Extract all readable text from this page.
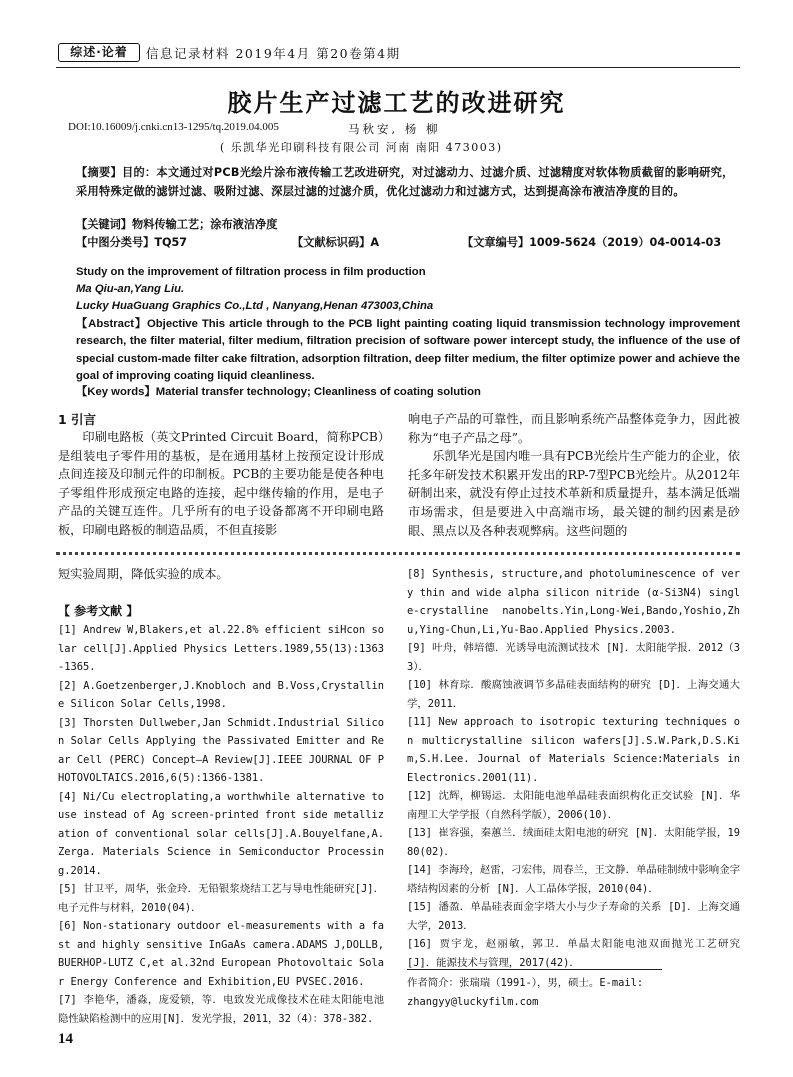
综述·论着	信息记录材料 2019年4月 第20卷第4期
胶片生产过滤工艺的改进研究
DOI:10.16009/j.cnki.cn13-1295/tq.2019.04.005	马秋安, 杨 柳
( 乐凯华光印刷科技有限公司 河南 南阳 473003)
【摘要】目的：本文通过对PCB光绘片涂布液传输工艺改进研究，对过滤动力、过滤介质、过滤精度对软体物质截留的影响研究，采用特殊定做的滤饼过滤、吸附过滤、深层过滤的过滤介质，优化过滤动力和过滤方式，达到提高涂布液洁净度的目的。
【关键词】物料传输工艺；涂布液洁净度
【中图分类号】TQ57	【文献标识码】A	【文章编号】1009-5624（2019）04-0014-03
Study on the improvement of filtration process in film production
Ma Qiu-an,Yang Liu.
Lucky HuaGuang Graphics Co.,Ltd , Nanyang,Henan 473003,China
【Abstract】Objective This article through to the PCB light painting coating liquid transmission technology improvement research, the filter material, filter medium, filtration precision of software power intercept study, the influence of the use of special custom-made filter cake filtration, adsorption filtration, deep filter medium, the filter optimize power and achieve the goal of improving coating liquid cleanliness.
【Key words】Material transfer technology; Cleanliness of coating solution
1 引言

印刷电路板（英文Printed Circuit Board，简称PCB）是组装电子零件用的基板，是在通用基材上按预定设计形成点间连接及印制元件的印制板。PCB的主要功能是使各种电子零组件形成预定电路的连接，起中继传输的作用，是电子产品的关键互连件。几乎所有的电子设备都离不开印刷电路板，印刷电路板的制造品质，不但直接影

响电子产品的可靠性，而且影响系统产品整体竞争力，因此被称为“电子产品之母”。

乐凯华光是国内唯一具有PCB光绘片生产能力的企业，依托多年研发技术积累开发出的RP-7型PCB光绘片。从2012年研制出来，就没有停止过技术革新和质量提升，基本满足低端市场需求，但是要进入中高端市场，最关键的制约因素是砂眼、黑点以及各种表观弊病。这些问题的

短实验周期，降低实验的成本。
【 参考文献 】
[1] Andrew W,Blakers,et al.22.8% efficient siHcon solar cell[J].Applied Physics Letters.1989,55(13):1363-1365.
[2] A.Goetzenberger,J.Knobloch and B.Voss,Crystalline Silicon Solar Cells,1998.
[3] Thorsten Dullweber,Jan Schmidt.Industrial Silicon Solar Cells Applying the Passivated Emitter and Rear Cell (PERC) Concept—A Review[J].IEEE JOURNAL OF PHOTOVOLTAICS.2016,6(5):1366-1381.
[4] Ni/Cu electroplating,a worthwhile alternative to use instead of Ag screen-printed front side metallization of conventional solar cells[J].A.Bouyelfane,A.Zerga. Materials Science in Semiconductor Processing.2014.
[5] 甘卫平，周华，张金玲．无铅银浆烧结工艺与导电性能研究[J]．电子元件与材料，2010(04)．
[6] Non-stationary outdoor el-measurements with a fast and highly sensitive InGaAs camera.ADAMS J,DOLLB,BUERHOP-LUTZ C,et al.32nd European Photovoltaic Solar Energy Conference and Exhibition,EU PVSEC.2016.
[7] 李艳华，潘淼，庞爱锁，等．电致发光成像技术在硅太阳能电池隐性缺陷检测中的应用[N]．发光学报，2011，32（4）：378-382.
[8] Synthesis, structure,and photoluminescence of very thin and wide alpha silicon nitride (α-Si3N4) single-crystalline nanobelts.Yin,Long-Wei,Bando,Yoshio,Zhu,Ying-Chun,Li,Yu-Bao.Applied Physics.2003.
[9] 叶舟，韩培德．光诱导电流测试技术 [N]．太阳能学报．2012（33）．
[10] 林育琮．酸腐蚀液调节多晶硅表面结构的研究 [D]．上海交通大学，2011．
[11] New approach to isotropic texturing techniques on multicrystalline silicon wafers[J].S.W.Park,D.S.Kim,S.H.Lee. Journal of Materials Science:Materials in Electronics.2001(11).
[12] 沈辉，柳锡运．太阳能电池单晶硅表面织构化正交试验 [N]．华南理工大学学报（自然科学版），2006(10)．
[13] 崔容强，秦蕙兰．绒面硅太阳电池的研究 [N]．太阳能学报，1980(02)．
[14] 李海玲，赵雷，刁宏伟，周春兰，王文静．单晶硅制绒中影响金字塔结构因素的分析 [N]．人工晶体学报，2010(04)．
[15] 潘盈．单晶硅表面金字塔大小与少子寿命的关系 [D]．上海交通大学，2013．
[16] 贾宇龙，赵丽敏，郭卫．单晶太阳能电池双面抛光工艺研究 [J]．能源技术与管理，2017(42)．
作者简介：张瑞瑞（1991-），男，硕士。E-mail: zhangyy@luckyfilm.com
14
